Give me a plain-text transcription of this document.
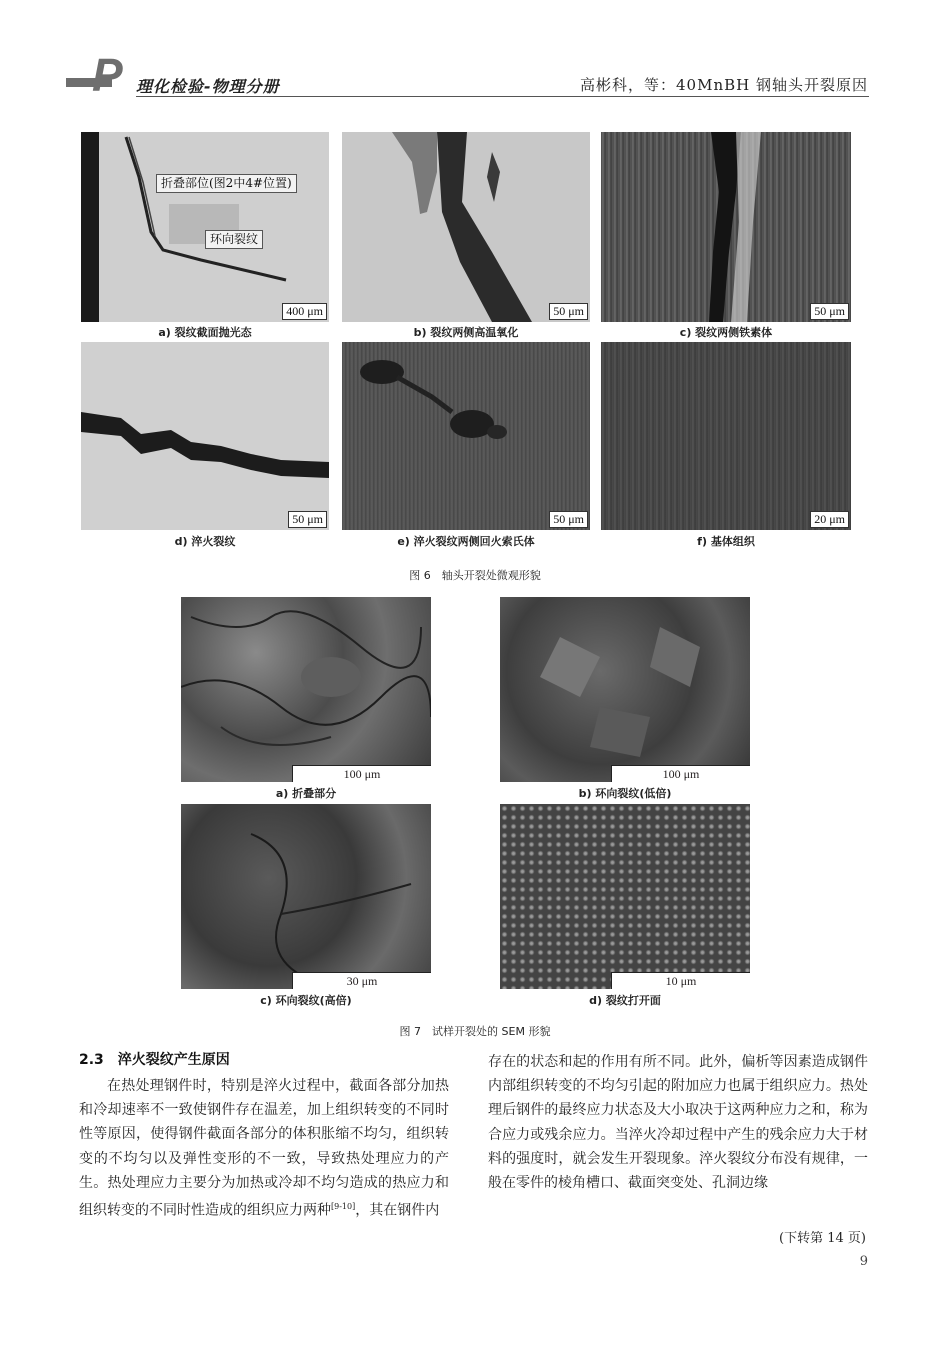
P 理化检验-物理分册	高彬科，等：40MnBH 钢轴头开裂原因
折叠部位(图2中4#位置)
环向裂纹
400 μm
a) 裂纹截面抛光态
50 μm
b) 裂纹两侧高温氧化
50 μm
c) 裂纹两侧铁素体
50 μm
d) 淬火裂纹
50 μm
e) 淬火裂纹两侧回火索氏体
20 μm
f) 基体组织
图 6　轴头开裂处微观形貌
100 μm
a) 折叠部分
100 μm
b) 环向裂纹(低倍)
30 μm
c) 环向裂纹(高倍)
10 μm
d) 裂纹打开面
图 7　试样开裂处的 SEM 形貌
2.3　淬火裂纹产生原因

在热处理钢件时，特别是淬火过程中，截面各部分加热和冷却速率不一致使钢件存在温差，加上组织转变的不同时性等原因，使得钢件截面各部分的体积胀缩不均匀，组织转变的不均匀以及弹性变形的不一致，导致热处理应力的产生。热处理应力主要分为加热或冷却不均匀造成的热应力和组织转变的不同时性造成的组织应力两种[9-10]，其在钢件内

存在的状态和起的作用有所不同。此外，偏析等因素造成钢件内部组织转变的不均匀引起的附加应力也属于组织应力。热处理后钢件的最终应力状态及大小取决于这两种应力之和，称为合应力或残余应力。当淬火冷却过程中产生的残余应力大于材料的强度时，就会发生开裂现象。淬火裂纹分布没有规律，一般在零件的棱角槽口、截面突变处、孔洞边缘

(下转第 14 页)
9
